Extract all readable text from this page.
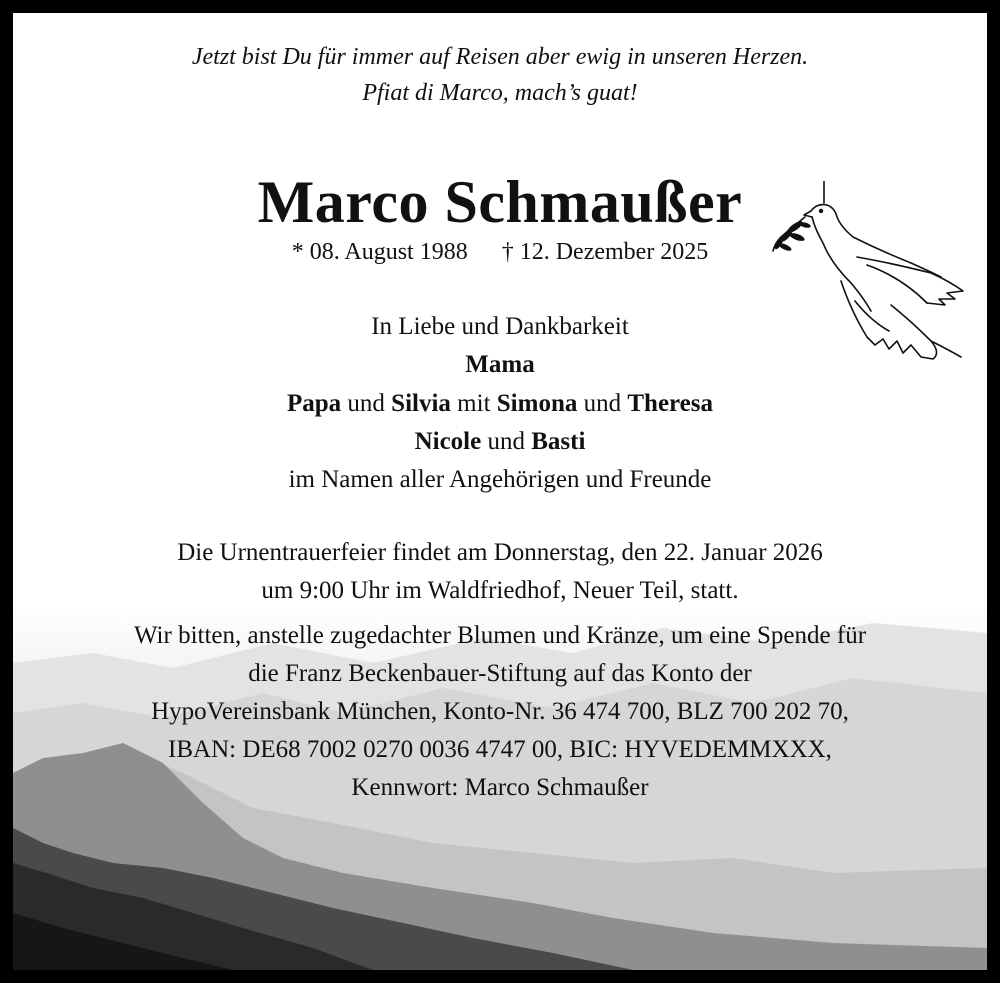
Jetzt bist Du für immer auf Reisen aber ewig in unseren Herzen.
Pfiat di Marco, mach’s guat!
Marco Schmaußer
* 08. August 1988 † 12. Dezember 2025
In Liebe und Dankbarkeit
Mama
Papa und Silvia mit Simona und Theresa
Nicole und Basti
im Namen aller Angehörigen und Freunde
Die Urnentrauerfeier findet am Donnerstag, den 22. Januar 2026
um 9:00 Uhr im Waldfriedhof, Neuer Teil, statt.
Wir bitten, anstelle zugedachter Blumen und Kränze, um eine Spende für
die Franz Beckenbauer-Stiftung auf das Konto der
HypoVereinsbank München, Konto-Nr. 36 474 700, BLZ 700 202 70,
IBAN: DE68 7002 0270 0036 4747 00, BIC: HYVEDEMMXXX,
Kennwort: Marco Schmaußer
